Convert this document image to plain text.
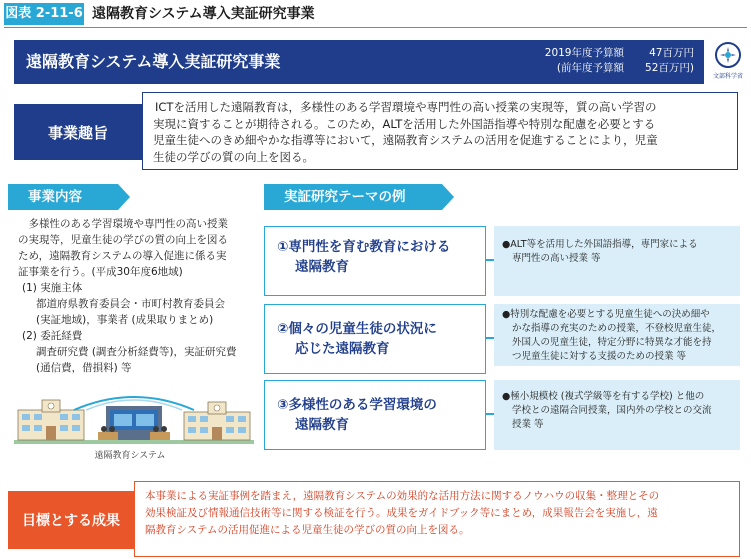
図表 2-11-6 遠隔教育システム導入実証研究事業
遠隔教育システム導入実証研究事業	2019年度予算額	47百万円
(前年度予算額	52百万円)
文部科学省
ICTを活用した遠隔教育は，多様性のある学習環境や専門性の高い授業の実現等，質の高い学習の
実現に資することが期待される。このため，ALTを活用した外国語指導や特別な配慮を必要とする
児童生徒へのきめ細やかな指導等において，遠隔教育システムの活用を促進することにより，児童
生徒の学びの質の向上を図る。
事業趣旨
事業内容
多様性のある学習環境や専門性の高い授業
の実現等，児童生徒の学びの質の向上を図る
ため，遠隔教育システムの導入促進に係る実
証事業を行う。(平成30年度6地域)
(1) 実施主体
都道府県教育委員会・市町村教育委員会
(実証地域)，事業者 (成果取りまとめ)
(2) 委託経費
調査研究費 (調査分析経費等)，実証研究費
(通信費，借損料) 等
遠隔教育システム
実証研究テーマの例
①専門性を育む教育における
遠隔教育
●ALT等を活用した外国語指導，専門家による
専門性の高い授業 等
②個々の児童生徒の状況に
応じた遠隔教育
●特別な配慮を必要とする児童生徒への決め細や
かな指導の充実のための授業，不登校児童生徒，
外国人の児童生徒，特定分野に特異な才能を持
つ児童生徒に対する支援のための授業 等
③多様性のある学習環境の
遠隔教育
●極小規模校 (複式学級等を有する学校) と他の
学校との遠隔合同授業，国内外の学校との交流
授業 等
本事業による実証事例を踏まえ，遠隔教育システムの効果的な活用方法に関するノウハウの収集・整理とその
効果検証及び情報通信技術等に関する検証を行う。成果をガイドブック等にまとめ，成果報告会を実施し，遠
隔教育システムの活用促進による児童生徒の学びの質の向上を図る。
目標とする成果
